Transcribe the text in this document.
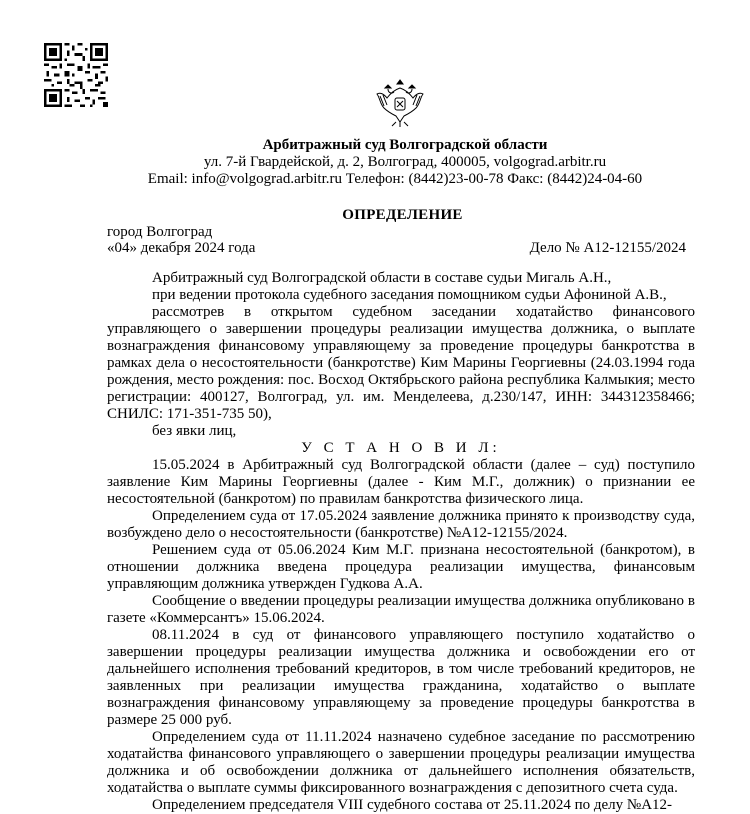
Арбитражный суд Волгоградской области
ул. 7-й Гвардейской, д. 2, Волгоград, 400005, volgograd.arbitr.ru
Email: info@volgograd.arbitr.ru Телефон: (8442)23-00-78 Факс: (8442)24-04-60
ОПРЕДЕЛЕНИЕ
город Волгоград
«04» декабря 2024 года	Дело № А12-12155/2024

Арбитражный суд Волгоградской области в составе судьи Мигаль А.Н.,

при ведении протокола судебного заседания помощником судьи Афониной А.В.,

рассмотрев в открытом судебном заседании ходатайство финансового управляющего о завершении процедуры реализации имущества должника, о выплате вознаграждения финансовому управляющему за проведение процедуры банкротства в рамках дела о несостоятельности (банкротстве) Ким Марины Георгиевны (24.03.1994 года рождения, место рождения: пос. Восход Октябрьского района республика Калмыкия; место регистрации: 400127, Волгоград, ул. им. Менделеева, д.230/147, ИНН: 344312358466; СНИЛС: 171-351-735 50),

без явки лиц,

У С Т А Н О В И Л:

15.05.2024 в Арбитражный суд Волгоградской области (далее – суд) поступило заявление Ким Марины Георгиевны (далее - Ким М.Г., должник) о признании ее несостоятельной (банкротом) по правилам банкротства физического лица.

Определением суда от 17.05.2024 заявление должника принято к производству суда, возбуждено дело о несостоятельности (банкротстве) №А12-12155/2024.

Решением суда от 05.06.2024 Ким М.Г. признана несостоятельной (банкротом), в отношении должника введена процедура реализации имущества, финансовым управляющим должника утвержден Гудкова А.А.

Сообщение о введении процедуры реализации имущества должника опубликовано в газете «Коммерсантъ» 15.06.2024.

08.11.2024 в суд от финансового управляющего поступило ходатайство о завершении процедуры реализации имущества должника и освобождении его от дальнейшего исполнения требований кредиторов, в том числе требований кредиторов, не заявленных при реализации имущества гражданина, ходатайство о выплате вознаграждения финансовому управляющему за проведение процедуры банкротства в размере 25 000 руб.

Определением суда от 11.11.2024 назначено судебное заседание по рассмотрению ходатайства финансового управляющего о завершении процедуры реализации имущества должника и об освобождении должника от дальнейшего исполнения обязательств, ходатайства о выплате суммы фиксированного вознаграждения с депозитного счета суда.

Определением председателя VIII судебного состава от 25.11.2024 по делу №А12-
